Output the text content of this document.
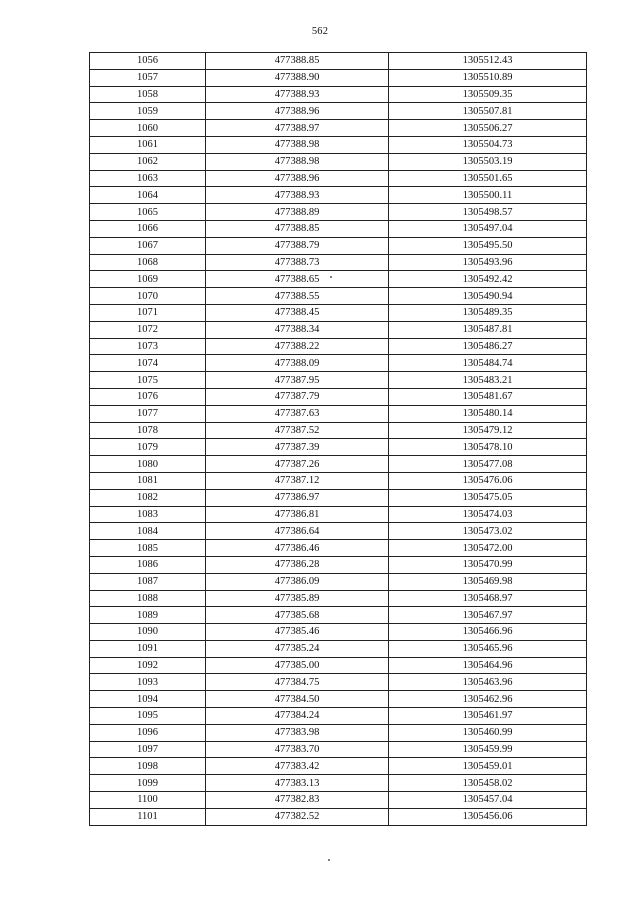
562
1056	477388.85	1305512.43
1057	477388.90	1305510.89
1058	477388.93	1305509.35
1059	477388.96	1305507.81
1060	477388.97	1305506.27
1061	477388.98	1305504.73
1062	477388.98	1305503.19
1063	477388.96	1305501.65
1064	477388.93	1305500.11
1065	477388.89	1305498.57
1066	477388.85	1305497.04
1067	477388.79	1305495.50
1068	477388.73	1305493.96
1069	477388.65	1305492.42
1070	477388.55	1305490.94
1071	477388.45	1305489.35
1072	477388.34	1305487.81
1073	477388.22	1305486.27
1074	477388.09	1305484.74
1075	477387.95	1305483.21
1076	477387.79	1305481.67
1077	477387.63	1305480.14
1078	477387.52	1305479.12
1079	477387.39	1305478.10
1080	477387.26	1305477.08
1081	477387.12	1305476.06
1082	477386.97	1305475.05
1083	477386.81	1305474.03
1084	477386.64	1305473.02
1085	477386.46	1305472.00
1086	477386.28	1305470.99
1087	477386.09	1305469.98
1088	477385.89	1305468.97
1089	477385.68	1305467.97
1090	477385.46	1305466.96
1091	477385.24	1305465.96
1092	477385.00	1305464.96
1093	477384.75	1305463.96
1094	477384.50	1305462.96
1095	477384.24	1305461.97
1096	477383.98	1305460.99
1097	477383.70	1305459.99
1098	477383.42	1305459.01
1099	477383.13	1305458.02
1100	477382.83	1305457.04
1101	477382.52	1305456.06
